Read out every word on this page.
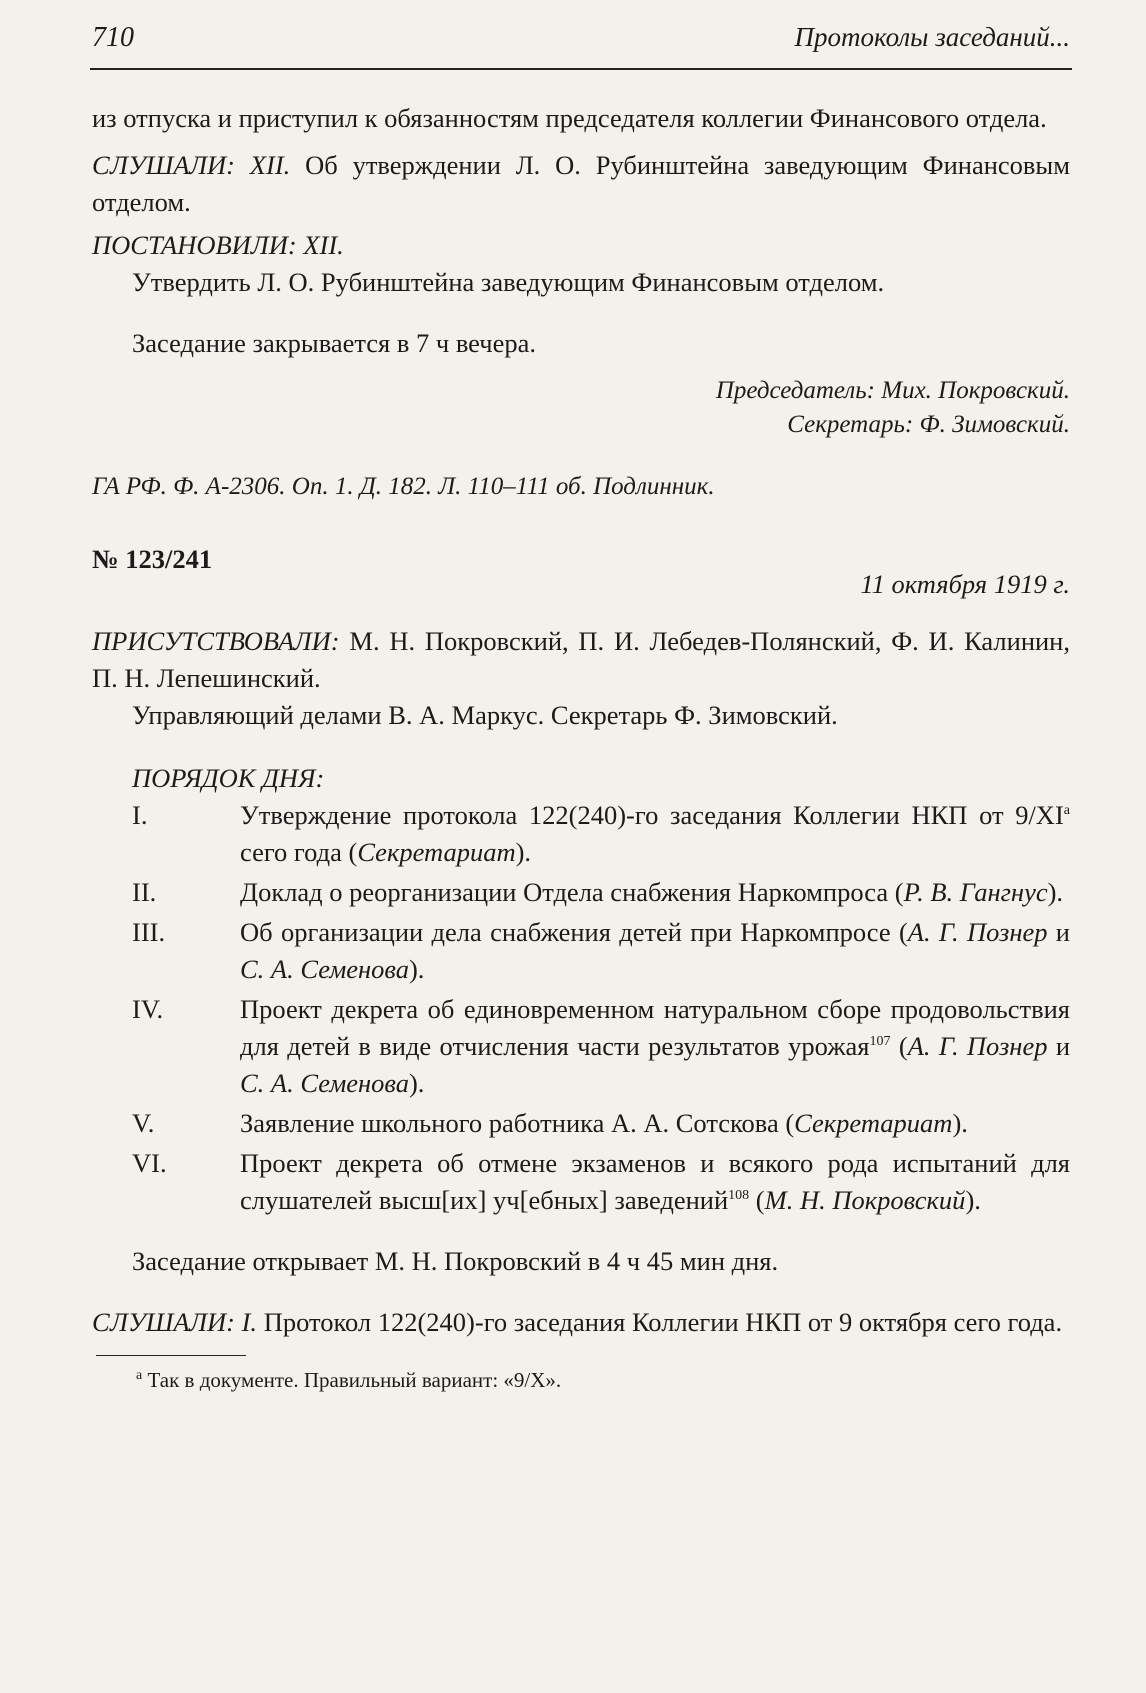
710	Протоколы заседаний...

из отпуска и приступил к обязанностям председателя коллегии Финансового отдела.

СЛУШАЛИ: XII. Об утверждении Л. О. Рубинштейна заведующим Финансовым отделом.

ПОСТАНОВИЛИ: XII.

Утвердить Л. О. Рубинштейна заведующим Финансовым отделом.

Заседание закрывается в 7 ч вечера.

Председатель: Мих. Покровский.
Секретарь: Ф. Зимовский.

ГА РФ. Ф. А-2306. Оп. 1. Д. 182. Л. 110–111 об. Подлинник.

№ 123/241

11 октября 1919 г.

ПРИСУТСТВОВАЛИ: М. Н. Покровский, П. И. Лебедев-Полянский, Ф. И. Калинин, П. Н. Лепешинский.

Управляющий делами В. А. Маркус. Секретарь Ф. Зимовский.

ПОРЯДОК ДНЯ:

I.	Утверждение протокола 122(240)-го заседания Коллегии НКП от $9/XI^а$ сего года (Секретариат).
II.	Доклад о реорганизации Отдела снабжения Наркомпроса (Р. В. Гангнус).
III.	Об организации дела снабжения детей при Наркомпросе (А. Г. Познер и С. А. Семенова).
IV.	Проект декрета об единовременном натуральном сборе продовольствия для детей в виде отчисления части результатов урожая$^{107}$ (А. Г. Познер и С. А. Семенова).
V.	Заявление школьного работника А. А. Сотскова (Секретариат).
VI.	Проект декрета об отмене экзаменов и всякого рода испытаний для слушателей высш[их] уч[ебных] заведений$^{108}$ (М. Н. Покровский).

Заседание открывает М. Н. Покровский в 4 ч 45 мин дня.

СЛУШАЛИ: I. Протокол 122(240)-го заседания Коллегии НКП от 9 октября сего года.

$^а$ Так в документе. Правильный вариант: «9/X».
